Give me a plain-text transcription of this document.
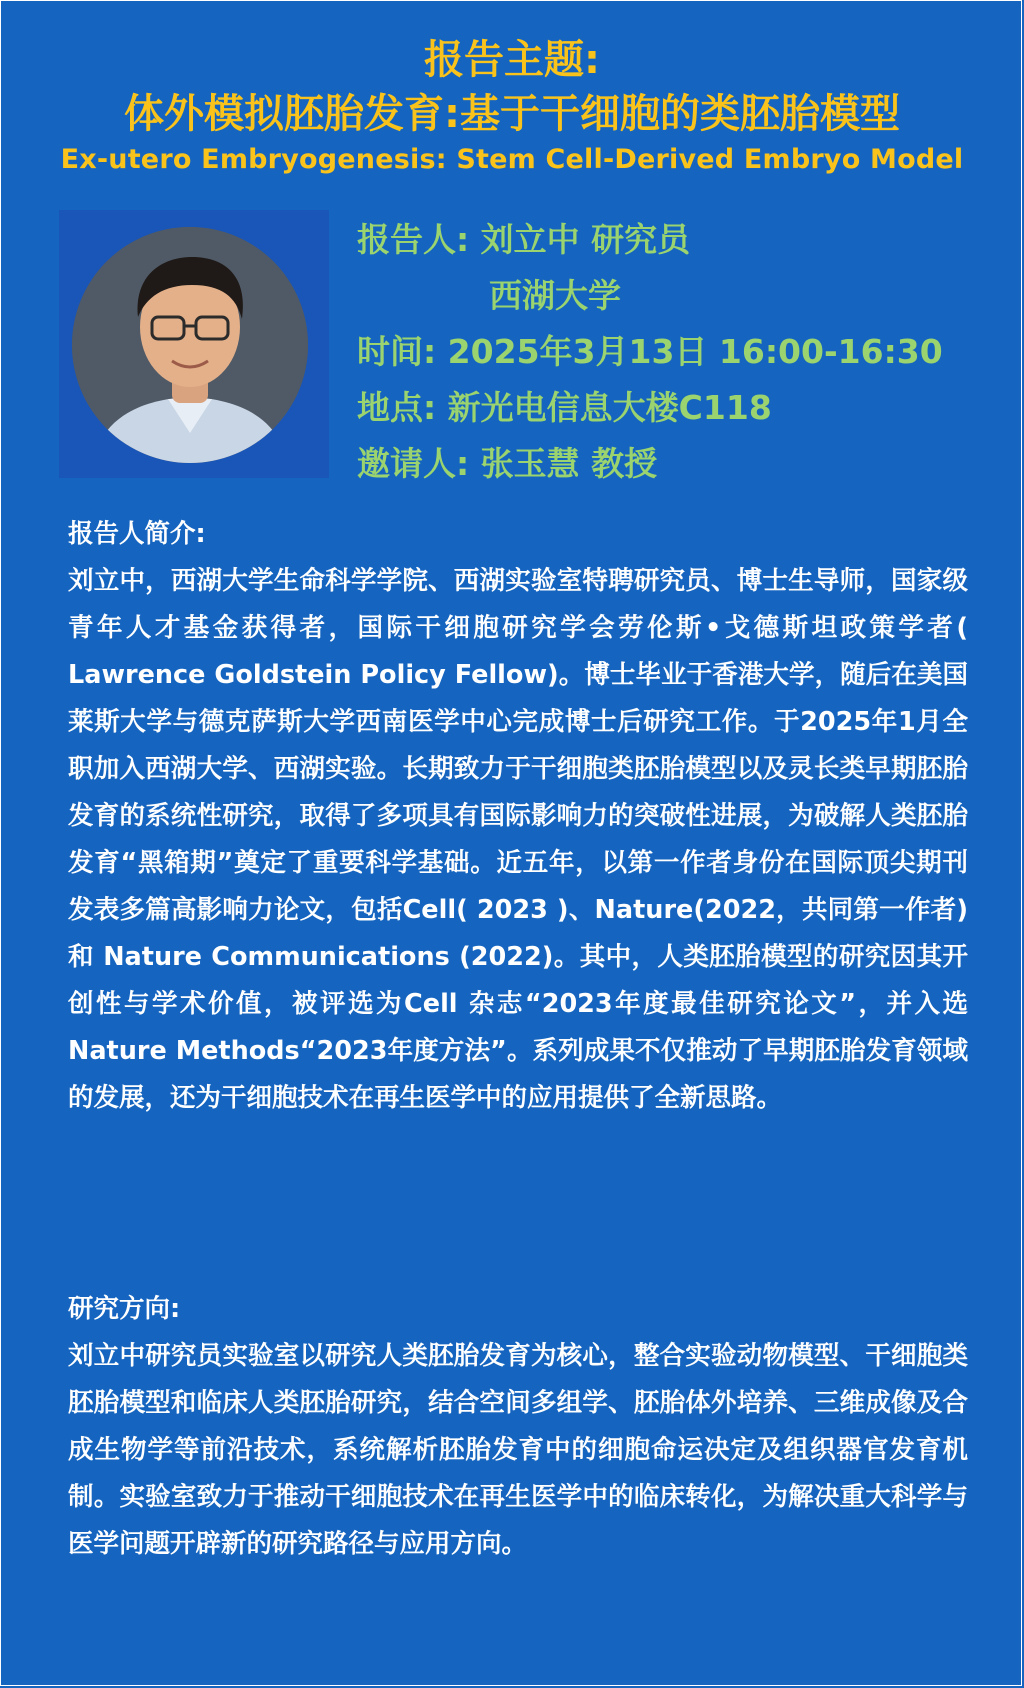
报告主题:
体外模拟胚胎发育:基于干细胞的类胚胎模型
Ex-utero Embryogenesis: Stem Cell-Derived Embryo Model
报告人: 刘立中 研究员
西湖大学
时间: 2025年3月13日 16:00-16:30
地点: 新光电信息大楼C118
邀请人: 张玉慧 教授

报告人简介:

刘立中，西湖大学生命科学学院、西湖实验室特聘研究员、博士生导师，国家级青年人才基金获得者，国际干细胞研究学会劳伦斯•戈德斯坦政策学者( Lawrence Goldstein Policy Fellow)。博士毕业于香港大学，随后在美国莱斯大学与德克萨斯大学西南医学中心完成博士后研究工作。于2025年1月全职加入西湖大学、西湖实验。长期致力于干细胞类胚胎模型以及灵长类早期胚胎发育的系统性研究，取得了多项具有国际影响力的突破性进展，为破解人类胚胎发育“黑箱期”奠定了重要科学基础。近五年，以第一作者身份在国际顶尖期刊发表多篇高影响力论文，包括Cell( 2023 )、Nature(2022，共同第一作者)和 Nature Communications (2022)。其中，人类胚胎模型的研究因其开创性与学术价值，被评选为Cell 杂志“2023年度最佳研究论文”，并入选 Nature Methods“2023年度方法”。系列成果不仅推动了早期胚胎发育领域的发展，还为干细胞技术在再生医学中的应用提供了全新思路。

研究方向:

刘立中研究员实验室以研究人类胚胎发育为核心，整合实验动物模型、干细胞类胚胎模型和临床人类胚胎研究，结合空间多组学、胚胎体外培养、三维成像及合成生物学等前沿技术，系统解析胚胎发育中的细胞命运决定及组织器官发育机制。实验室致力于推动干细胞技术在再生医学中的临床转化，为解决重大科学与医学问题开辟新的研究路径与应用方向。
